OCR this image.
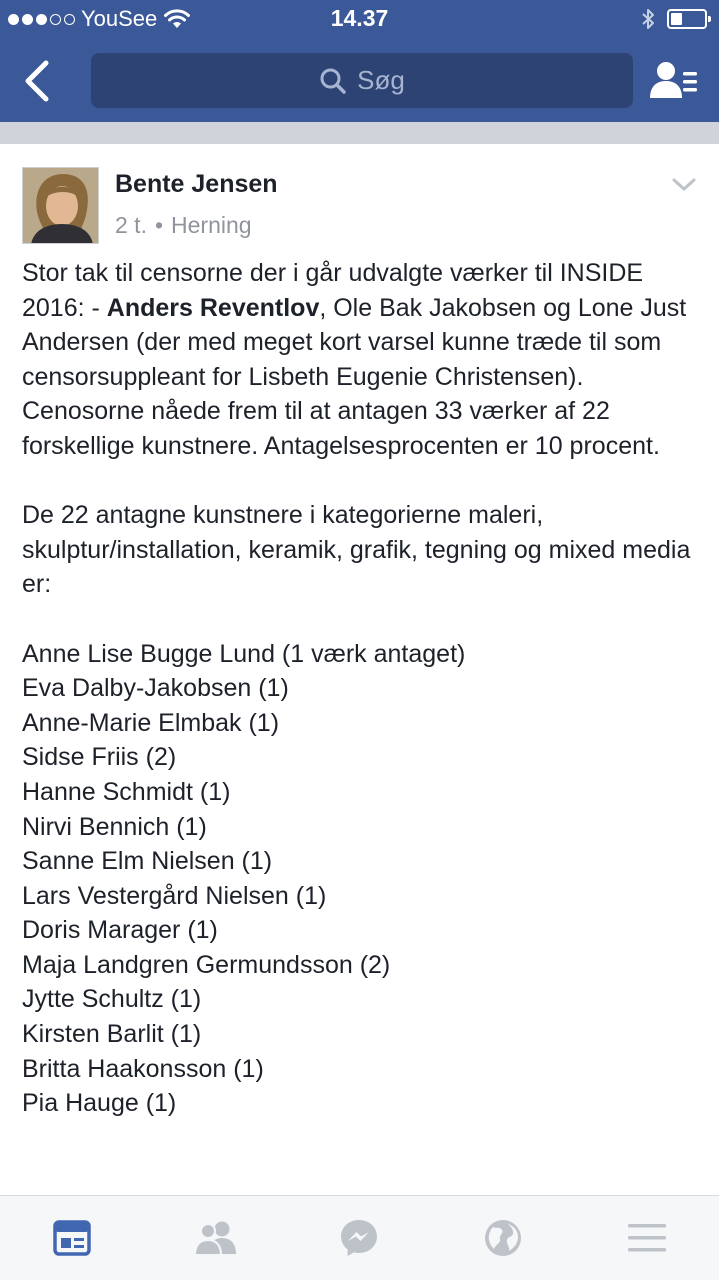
YouSee	14.37
Søg
Bente Jensen
2 t. • Herning
Stor tak til censorne der i går udvalgte værker til INSIDE 2016: - Anders Reventlov, Ole Bak Jakobsen og Lone Just Andersen (der med meget kort varsel kunne træde til som censorsuppleant for Lisbeth Eugenie Christensen).
Cenosorne nåede frem til at antagen 33 værker af 22 forskellige kunstnere. Antagelsesprocenten er 10 procent.

De 22 antagne kunstnere i kategorierne maleri, skulptur/installation, keramik, grafik, tegning og mixed media er:

Anne Lise Bugge Lund (1 værk antaget)
Eva Dalby-Jakobsen (1)
Anne-Marie Elmbak (1)
Sidse Friis (2)
Hanne Schmidt (1)
Nirvi Bennich (1)
Sanne Elm Nielsen (1)
Lars Vestergård Nielsen (1)
Doris Marager (1)
Maja Landgren Germundsson (2)
Jytte Schultz (1)
Kirsten Barlit (1)
Britta Haakonsson (1)
Pia Hauge (1)
